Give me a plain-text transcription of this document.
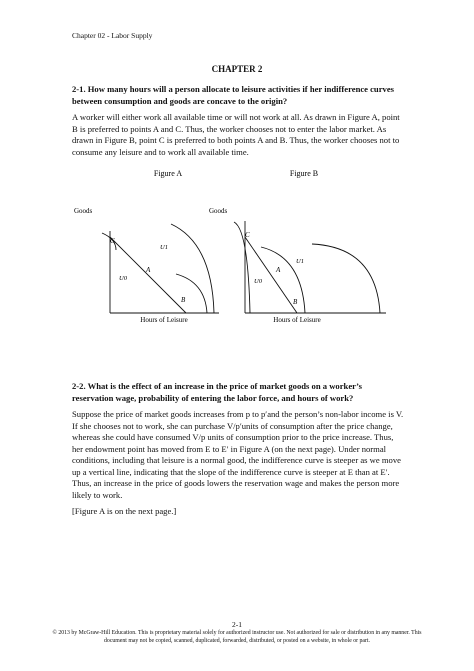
Chapter 02 - Labor Supply
CHAPTER 2
2-1. How many hours will a person allocate to leisure activities if her indifference curves between consumption and goods are concave to the origin?
A worker will either work all available time or will not work at all. As drawn in Figure A, point B is preferred to points A and C. Thus, the worker chooses not to enter the labor market. As drawn in Figure B, point C is preferred to both points A and B. Thus, the worker chooses not to consume any leisure and to work all available time.
Figure A
Goods
Hours of Leisure
C
A
B
U0
U1
Figure B
Goods
Hours of Leisure
C
A
B
U0
U1
2-2. What is the effect of an increase in the price of market goods on a worker’s reservation wage, probability of entering the labor force, and hours of work?
Suppose the price of market goods increases from p to p′and the person’s non-labor income is V. If she chooses not to work, she can purchase V/p′units of consumption after the price change, whereas she could have consumed V/p units of consumption prior to the price increase. Thus, her endowment point has moved from E to E′ in Figure A (on the next page). Under normal conditions, including that leisure is a normal good, the indifference curve is steeper as we move up a vertical line, indicating that the slope of the indifference curve is steeper at E than at E′. Thus, an increase in the price of goods lowers the reservation wage and makes the person more likely to work.
[Figure A is on the next page.]
2-1
© 2013 by McGraw-Hill Education. This is proprietary material solely for authorized instructor use. Not authorized for sale or distribution in any manner. This document may not be copied, scanned, duplicated, forwarded, distributed, or posted on a website, in whole or part.
